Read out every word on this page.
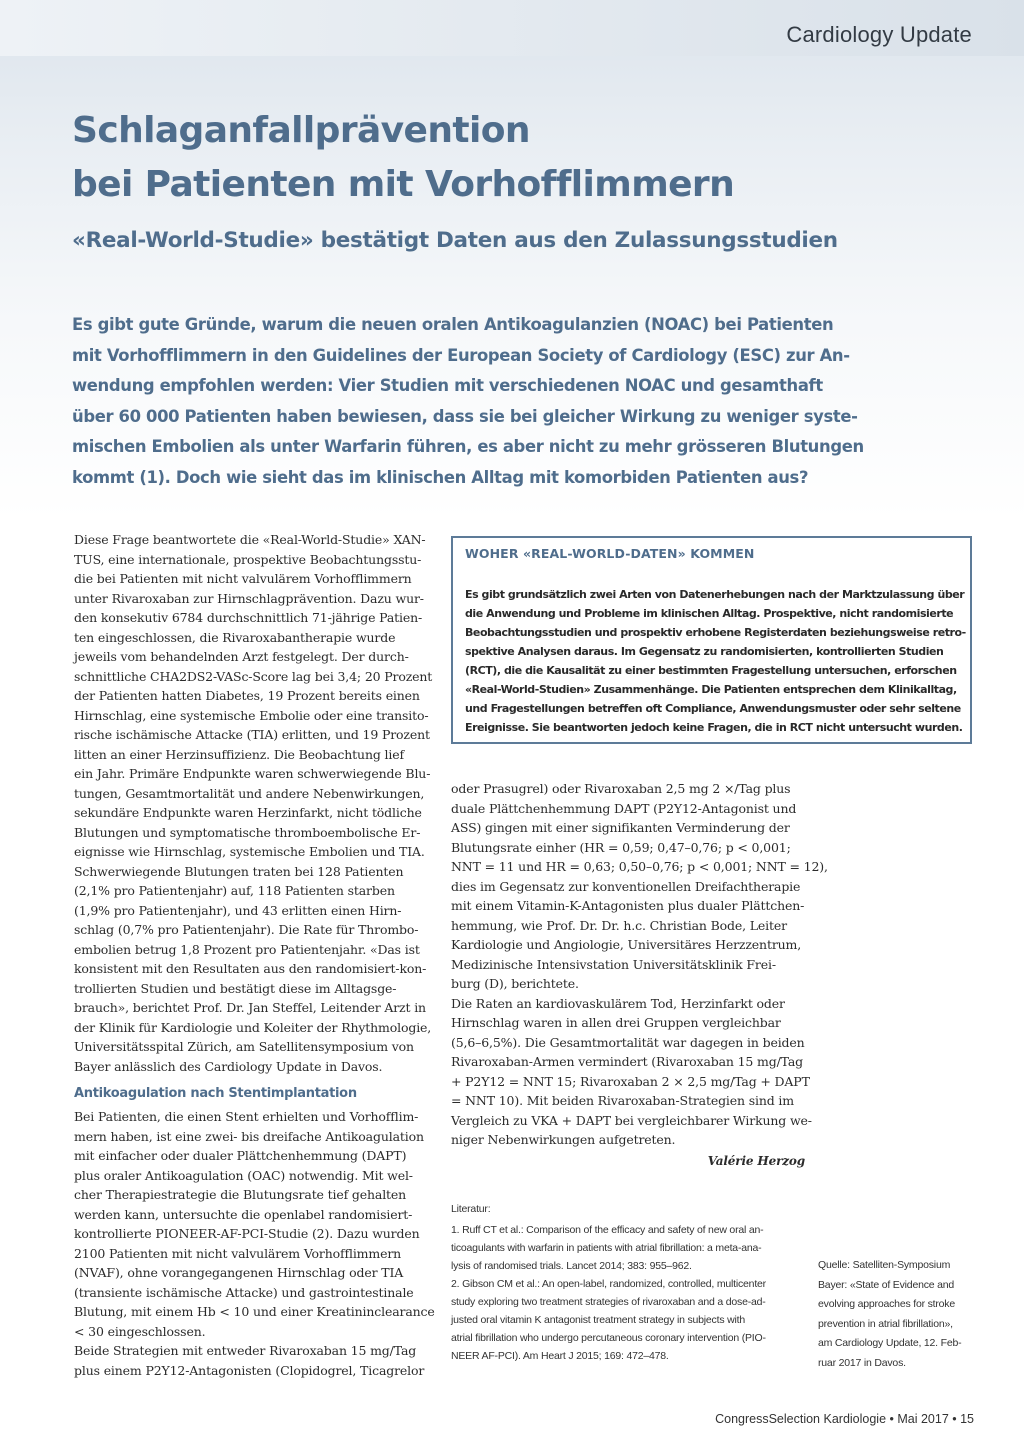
Cardiology Update
Schlaganfallprävention
bei Patienten mit Vorhofflimmern
«Real-World-Studie» bestätigt Daten aus den Zulassungsstudien
Es gibt gute Gründe, warum die neuen oralen Antikoagulanzien (NOAC) bei Patienten
mit Vorhofflimmern in den Guidelines der European Society of Cardiology (ESC) zur An-
wendung empfohlen werden: Vier Studien mit verschiedenen NOAC und gesamthaft
über 60 000 Patienten haben bewiesen, dass sie bei gleicher Wirkung zu weniger syste-
mischen Embolien als unter Warfarin führen, es aber nicht zu mehr grösseren Blutungen
kommt (1). Doch wie sieht das im klinischen Alltag mit komorbiden Patienten aus?

Diese Frage beantwortete die «Real-World-Studie» XAN-
TUS, eine internationale, prospektive Beobachtungsstu-
die bei Patienten mit nicht valvulärem Vorhofflimmern
unter Rivaroxaban zur Hirnschlagprävention. Dazu wur-
den konsekutiv 6784 durchschnittlich 71-jährige Patien-
ten eingeschlossen, die Rivaroxabantherapie wurde
jeweils vom behandelnden Arzt festgelegt. Der durch-
schnittliche CHA2DS2-VASc-Score lag bei 3,4; 20 Prozent
der Patienten hatten Diabetes, 19 Prozent bereits einen
Hirnschlag, eine systemische Embolie oder eine transito-
rische ischämische Attacke (TIA) erlitten, und 19 Prozent
litten an einer Herzinsuffizienz. Die Beobachtung lief
ein Jahr. Primäre Endpunkte waren schwerwiegende Blu-
tungen, Gesamtmortalität und andere Nebenwirkungen,
sekundäre Endpunkte waren Herzinfarkt, nicht tödliche
Blutungen und symptomatische thromboembolische Er-
eignisse wie Hirnschlag, systemische Embolien und TIA.
Schwerwiegende Blutungen traten bei 128 Patienten
(2,1% pro Patientenjahr) auf, 118 Patienten starben
(1,9% pro Patientenjahr), und 43 erlitten einen Hirn-
schlag (0,7% pro Patientenjahr). Die Rate für Thrombo-
embolien betrug 1,8 Prozent pro Patientenjahr. «Das ist
konsistent mit den Resultaten aus den randomisiert-kon-
trollierten Studien und bestätigt diese im Alltagsge-
brauch», berichtet Prof. Dr. Jan Steffel, Leitender Arzt in
der Klinik für Kardiologie und Koleiter der Rhythmologie,
Universitätsspital Zürich, am Satellitensymposium von
Bayer anlässlich des Cardiology Update in Davos.

Antikoagulation nach Stentimplantation

Bei Patienten, die einen Stent erhielten und Vorhofflim-
mern haben, ist eine zwei- bis dreifache Antikoagulation
mit einfacher oder dualer Plättchenhemmung (DAPT)
plus oraler Antikoagulation (OAC) notwendig. Mit wel-
cher Therapiestrategie die Blutungsrate tief gehalten
werden kann, untersuchte die openlabel randomisiert-
kontrollierte PIONEER-AF-PCI-Studie (2). Dazu wurden
2100 Patienten mit nicht valvulärem Vorhofflimmern
(NVAF), ohne vorangegangenen Hirnschlag oder TIA
(transiente ischämische Attacke) und gastrointestinale
Blutung, mit einem Hb < 10 und einer Kreatininclearance
< 30 eingeschlossen.

Beide Strategien mit entweder Rivaroxaban 15 mg/Tag
plus einem P2Y12-Antagonisten (Clopidogrel, Ticagrelor

WOHER «REAL-WORLD-DATEN» KOMMEN
Es gibt grundsätzlich zwei Arten von Datenerhebungen nach der Marktzulassung über
die Anwendung und Probleme im klinischen Alltag. Prospektive, nicht randomisierte
Beobachtungsstudien und prospektiv erhobene Registerdaten beziehungsweise retro-
spektive Analysen daraus. Im Gegensatz zu randomisierten, kontrollierten Studien
(RCT), die die Kausalität zu einer bestimmten Fragestellung untersuchen, erforschen
«Real-World-Studien» Zusammenhänge. Die Patienten entsprechen dem Klinikalltag,
und Fragestellungen betreffen oft Compliance, Anwendungsmuster oder sehr seltene
Ereignisse. Sie beantworten jedoch keine Fragen, die in RCT nicht untersucht wurden.

oder Prasugrel) oder Rivaroxaban 2,5 mg 2 ×/Tag plus
duale Plättchenhemmung DAPT (P2Y12-Antagonist und
ASS) gingen mit einer signifikanten Verminderung der
Blutungsrate einher (HR = 0,59; 0,47–0,76; p < 0,001;
NNT = 11 und HR = 0,63; 0,50–0,76; p < 0,001; NNT = 12),
dies im Gegensatz zur konventionellen Dreifachtherapie
mit einem Vitamin-K-Antagonisten plus dualer Plättchen-
hemmung, wie Prof. Dr. Dr. h.c. Christian Bode, Leiter
Kardiologie und Angiologie, Universitäres Herzzentrum,
Medizinische Intensivstation Universitätsklinik Frei-
burg (D), berichtete.

Die Raten an kardiovaskulärem Tod, Herzinfarkt oder
Hirnschlag waren in allen drei Gruppen vergleichbar
(5,6–6,5%). Die Gesamtmortalität war dagegen in beiden
Rivaroxaban-Armen vermindert (Rivaroxaban 15 mg/Tag
+ P2Y12 = NNT 15; Rivaroxaban 2 × 2,5 mg/Tag + DAPT
= NNT 10). Mit beiden Rivaroxaban-Strategien sind im
Vergleich zu VKA + DAPT bei vergleichbarer Wirkung we-
niger Nebenwirkungen aufgetreten.

Valérie Herzog
Literatur:
1. Ruff CT et al.: Comparison of the efficacy and safety of new oral an-
ticoagulants with warfarin in patients with atrial fibrillation: a meta-ana-
lysis of randomised trials. Lancet 2014; 383: 955–962.
2. Gibson CM et al.: An open-label, randomized, controlled, multicenter
study exploring two treatment strategies of rivaroxaban and a dose-ad-
justed oral vitamin K antagonist treatment strategy in subjects with
atrial fibrillation who undergo percutaneous coronary intervention (PIO-
NEER AF-PCI). Am Heart J 2015; 169: 472–478.
Quelle: Satelliten-Symposium
Bayer: «State of Evidence and
evolving approaches for stroke
prevention in atrial fibrillation»,
am Cardiology Update, 12. Feb-
ruar 2017 in Davos.
CongressSelection Kardiologie • Mai 2017 • 15
